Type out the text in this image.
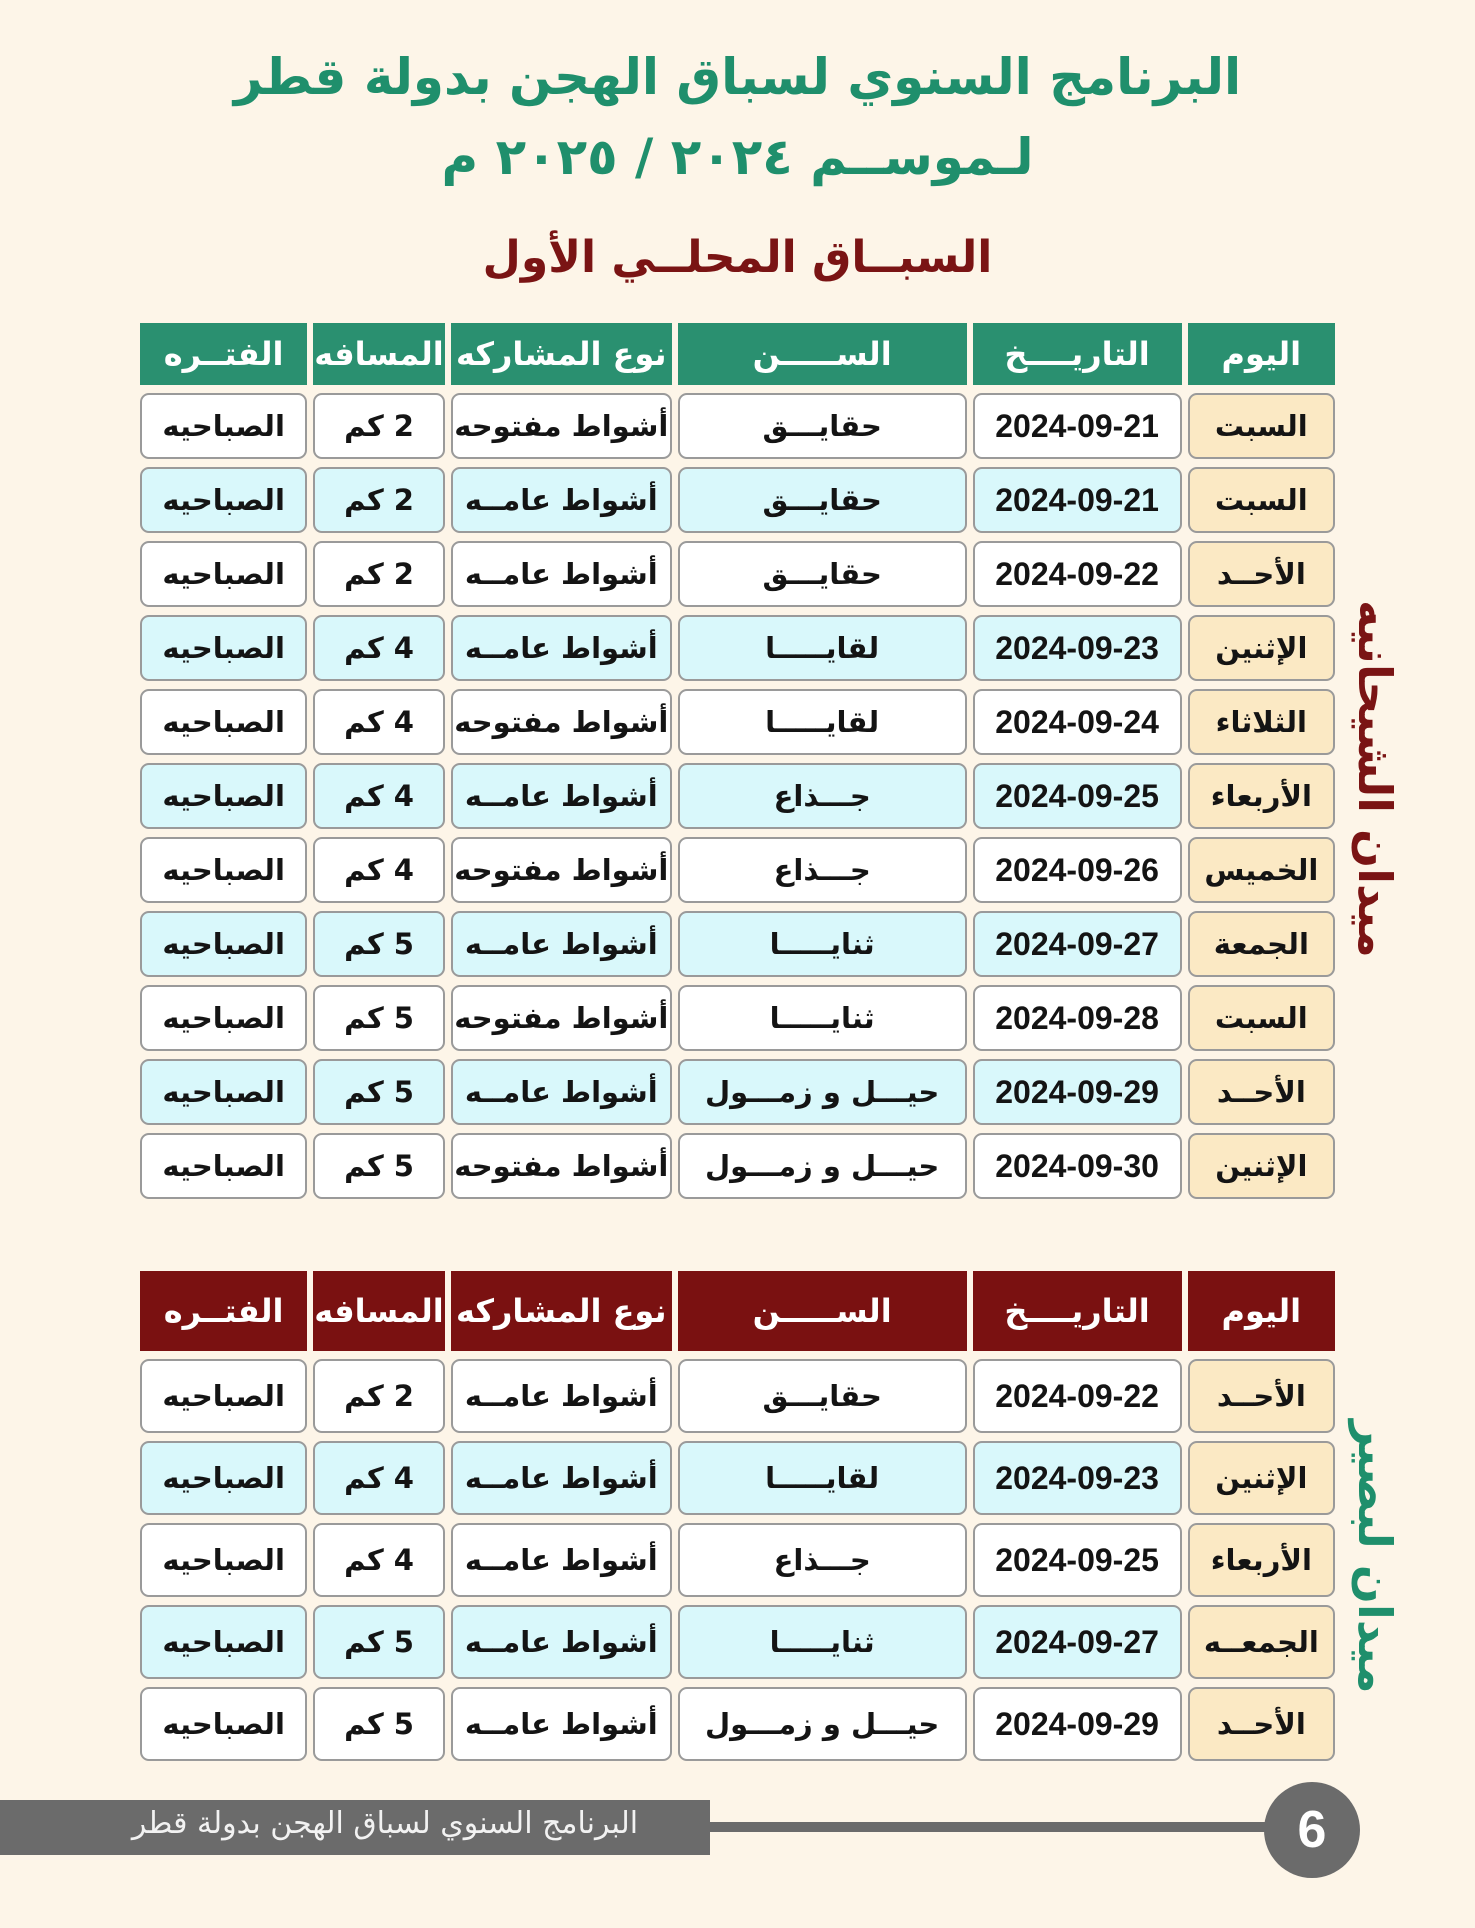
البرنامج السنوي لسباق الهجن بدولة قطر
لـموســم ٢٠٢٤ / ٢٠٢٥ م
السبــاق المحلــي الأول
اليوم
التاريــــخ
الســـــن
نوع المشاركه
المسافه
الفتــره
السبت
2024-09-21
حقايـــق
أشواط مفتوحه
2 كم
الصباحيه
السبت
2024-09-21
حقايـــق
أشواط عامــه
2 كم
الصباحيه
الأحــد
2024-09-22
حقايـــق
أشواط عامــه
2 كم
الصباحيه
الإثنين
2024-09-23
لقايـــــا
أشواط عامــه
4 كم
الصباحيه
الثلاثاء
2024-09-24
لقايـــــا
أشواط مفتوحه
4 كم
الصباحيه
الأربعاء
2024-09-25
جـــذاع
أشواط عامــه
4 كم
الصباحيه
الخميس
2024-09-26
جـــذاع
أشواط مفتوحه
4 كم
الصباحيه
الجمعة
2024-09-27
ثنايـــــا
أشواط عامــه
5 كم
الصباحيه
السبت
2024-09-28
ثنايـــــا
أشواط مفتوحه
5 كم
الصباحيه
الأحــد
2024-09-29
حيـــل و زمـــول
أشواط عامــه
5 كم
الصباحيه
الإثنين
2024-09-30
حيـــل و زمـــول
أشواط مفتوحه
5 كم
الصباحيه
ميدان الشيحانيه
اليوم
التاريــــخ
الســـــن
نوع المشاركه
المسافه
الفتــره
الأحــد
2024-09-22
حقايـــق
أشواط عامــه
2 كم
الصباحيه
الإثنين
2024-09-23
لقايـــــا
أشواط عامــه
4 كم
الصباحيه
الأربعاء
2024-09-25
جـــذاع
أشواط عامــه
4 كم
الصباحيه
الجمعــه
2024-09-27
ثنايـــــا
أشواط عامــه
5 كم
الصباحيه
الأحــد
2024-09-29
حيـــل و زمـــول
أشواط عامــه
5 كم
الصباحيه
ميدان لبصير
البرنامج السنوي لسباق الهجن بدولة قطر	6
